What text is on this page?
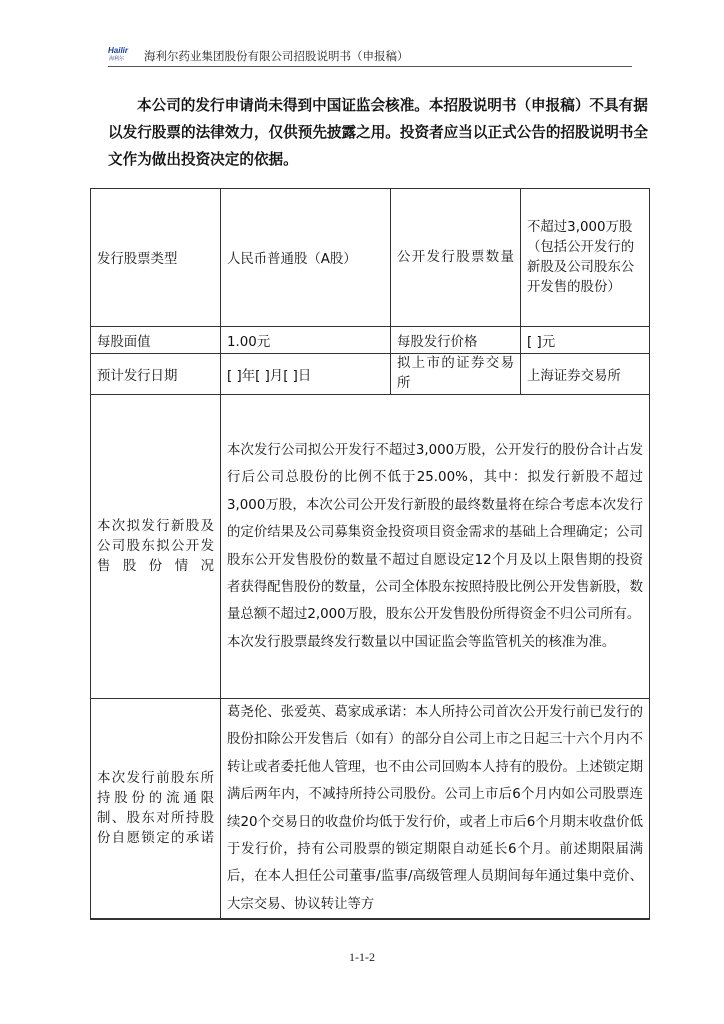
Hailir
海利尔 海利尔药业集团股份有限公司招股说明书（申报稿）
本公司的发行申请尚未得到中国证监会核准。本招股说明书（申报稿）不具有据以发行股票的法律效力，仅供预先披露之用。投资者应当以正式公告的招股说明书全文作为做出投资决定的依据。
发行股票类型	人民币普通股（A股）	公开发行股票数量	不超过3,000万股（包括公开发行的新股及公司股东公开发售的股份）
每股面值	1.00元	每股发行价格	[ ]元
预计发行日期	[ ]年[ ]月[ ]日	拟上市的证券交易所	上海证券交易所
本次拟发行新股及公司股东拟公开发售股份情况	本次发行公司拟公开发行不超过3,000万股，公开发行的股份合计占发行后公司总股份的比例不低于25.00%，其中：拟发行新股不超过3,000万股，本次公司公开发行新股的最终数量将在综合考虑本次发行的定价结果及公司募集资金投资项目资金需求的基础上合理确定；公司股东公开发售股份的数量不超过自愿设定12个月及以上限售期的投资者获得配售股份的数量，公司全体股东按照持股比例公开发售新股，数量总额不超过2,000万股，股东公开发售股份所得资金不归公司所有。

本次发行股票最终发行数量以中国证监会等监管机关的核准为准。		

本次发行前股东所持股份的流通限制、股东对所持股份自愿锁定的承诺	葛尧伦、张爱英、葛家成承诺：本人所持公司首次公开发行前已发行的股份扣除公开发售后（如有）的部分自公司上市之日起三十六个月内不转让或者委托他人管理，也不由公司回购本人持有的股份。上述锁定期满后两年内，不减持所持公司股份。公司上市后6个月内如公司股票连续20个交易日的收盘价均低于发行价，或者上市后6个月期末收盘价低于发行价，持有公司股票的锁定期限自动延长6个月。前述期限届满后，在本人担任公司董事/监事/高级管理人员期间每年通过集中竞价、大宗交易、协议转让等方		

1-1-2
